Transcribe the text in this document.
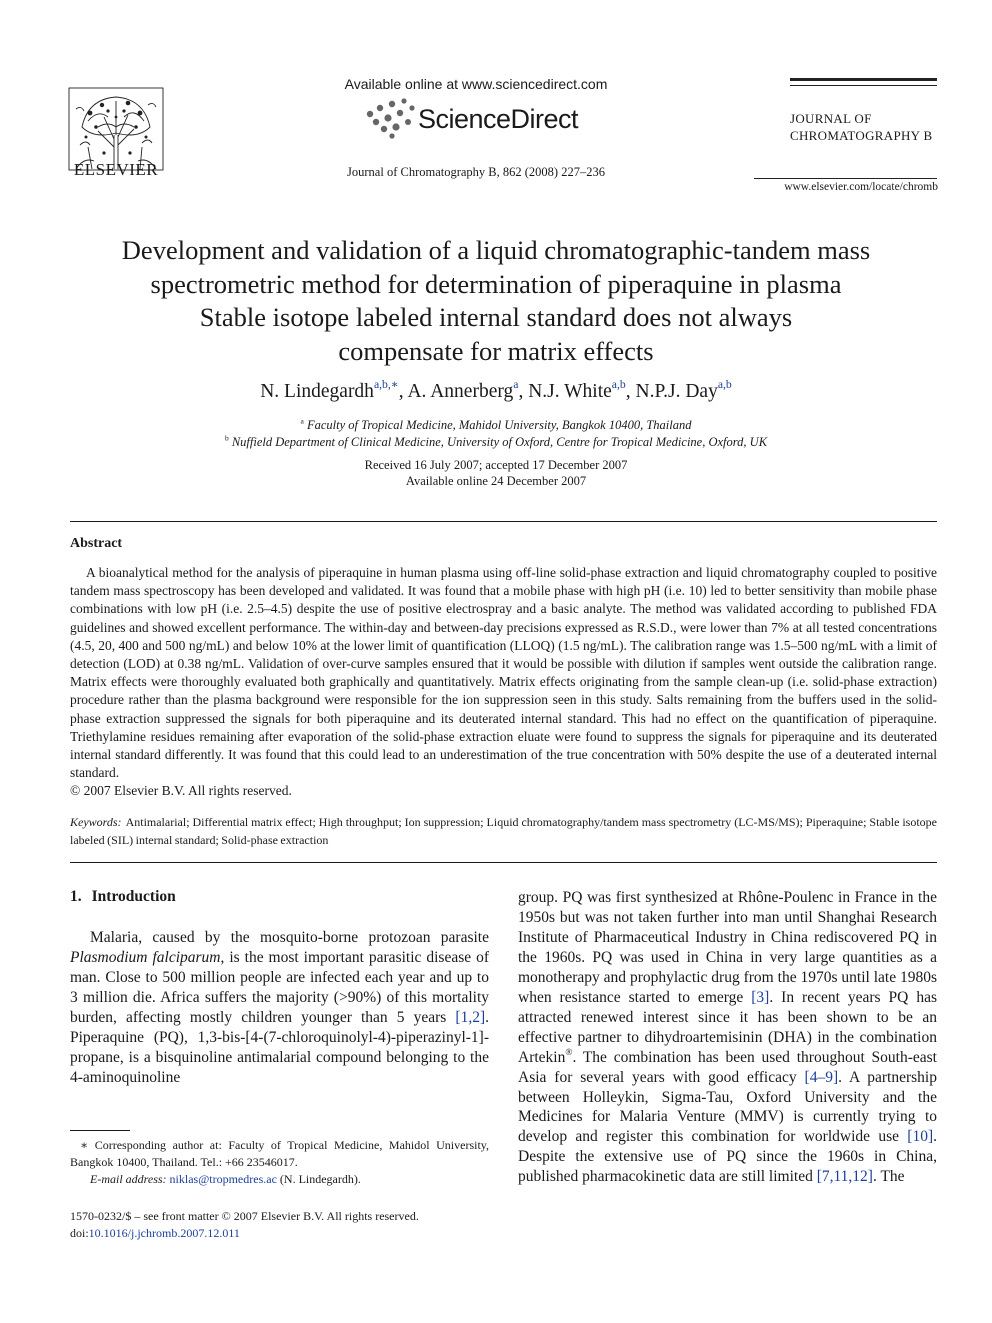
ELSEVIER
Available online at www.sciencedirect.com
ScienceDirect
Journal of Chromatography B, 862 (2008) 227–236
JOURNAL OF
CHROMATOGRAPHY B
www.elsevier.com/locate/chromb
Development and validation of a liquid chromatographic-tandem mass
spectrometric method for determination of piperaquine in plasma
Stable isotope labeled internal standard does not always
compensate for matrix effects
N. Lindegardh$^{a,b,∗}$, A. Annerberg$^a$, N.J. White$^{a,b}$, N.P.J. Day$^{a,b}$
$^a$ Faculty of Tropical Medicine, Mahidol University, Bangkok 10400, Thailand
$^b$ Nuffield Department of Clinical Medicine, University of Oxford, Centre for Tropical Medicine, Oxford, UK
Received 16 July 2007; accepted 17 December 2007
Available online 24 December 2007
Abstract
A bioanalytical method for the analysis of piperaquine in human plasma using off-line solid-phase extraction and liquid chromatography coupled to positive tandem mass spectroscopy has been developed and validated. It was found that a mobile phase with high pH (i.e. 10) led to better sensitivity than mobile phase combinations with low pH (i.e. 2.5–4.5) despite the use of positive electrospray and a basic analyte. The method was validated according to published FDA guidelines and showed excellent performance. The within-day and between-day precisions expressed as R.S.D., were lower than 7% at all tested concentrations (4.5, 20, 400 and 500 ng/mL) and below 10% at the lower limit of quantification (LLOQ) (1.5 ng/mL). The calibration range was 1.5–500 ng/mL with a limit of detection (LOD) at 0.38 ng/mL. Validation of over-curve samples ensured that it would be possible with dilution if samples went outside the calibration range. Matrix effects were thoroughly evaluated both graphically and quantitatively. Matrix effects originating from the sample clean-up (i.e. solid-phase extraction) procedure rather than the plasma background were responsible for the ion suppression seen in this study. Salts remaining from the buffers used in the solid-phase extraction suppressed the signals for both piperaquine and its deuterated internal standard. This had no effect on the quantification of piperaquine. Triethylamine residues remaining after evaporation of the solid-phase extraction eluate were found to suppress the signals for piperaquine and its deuterated internal standard differently. It was found that this could lead to an underestimation of the true concentration with 50% despite the use of a deuterated internal standard.
© 2007 Elsevier B.V. All rights reserved.
Keywords: Antimalarial; Differential matrix effect; High throughput; Ion suppression; Liquid chromatography/tandem mass spectrometry (LC-MS/MS); Piperaquine; Stable isotope labeled (SIL) internal standard; Solid-phase extraction
1. Introduction
Malaria, caused by the mosquito-borne protozoan parasite Plasmodium falciparum, is the most important parasitic disease of man. Close to 500 million people are infected each year and up to 3 million die. Africa suffers the majority (>90%) of this mortality burden, affecting mostly children younger than 5 years [1,2]. Piperaquine (PQ), 1,3-bis-[4-(7-chloroquinolyl-4)-piperazinyl-1]-propane, is a bisquinoline antimalarial compound belonging to the 4-aminoquinoline
group. PQ was first synthesized at Rhône-Poulenc in France in the 1950s but was not taken further into man until Shanghai Research Institute of Pharmaceutical Industry in China rediscovered PQ in the 1960s. PQ was used in China in very large quantities as a monotherapy and prophylactic drug from the 1970s until late 1980s when resistance started to emerge [3]. In recent years PQ has attracted renewed interest since it has been shown to be an effective partner to dihydroartemisinin (DHA) in the combination Artekin®. The combination has been used throughout South-east Asia for several years with good efficacy [4–9]. A partnership between Holleykin, Sigma-Tau, Oxford University and the Medicines for Malaria Venture (MMV) is currently trying to develop and register this combination for worldwide use [10]. Despite the extensive use of PQ since the 1960s in China, published pharmacokinetic data are still limited [7,11,12]. The
∗ Corresponding author at: Faculty of Tropical Medicine, Mahidol University, Bangkok 10400, Thailand. Tel.: +66 23546017.
E-mail address: niklas@tropmedres.ac (N. Lindegardh).
1570-0232/$ – see front matter © 2007 Elsevier B.V. All rights reserved.
doi:10.1016/j.jchromb.2007.12.011
